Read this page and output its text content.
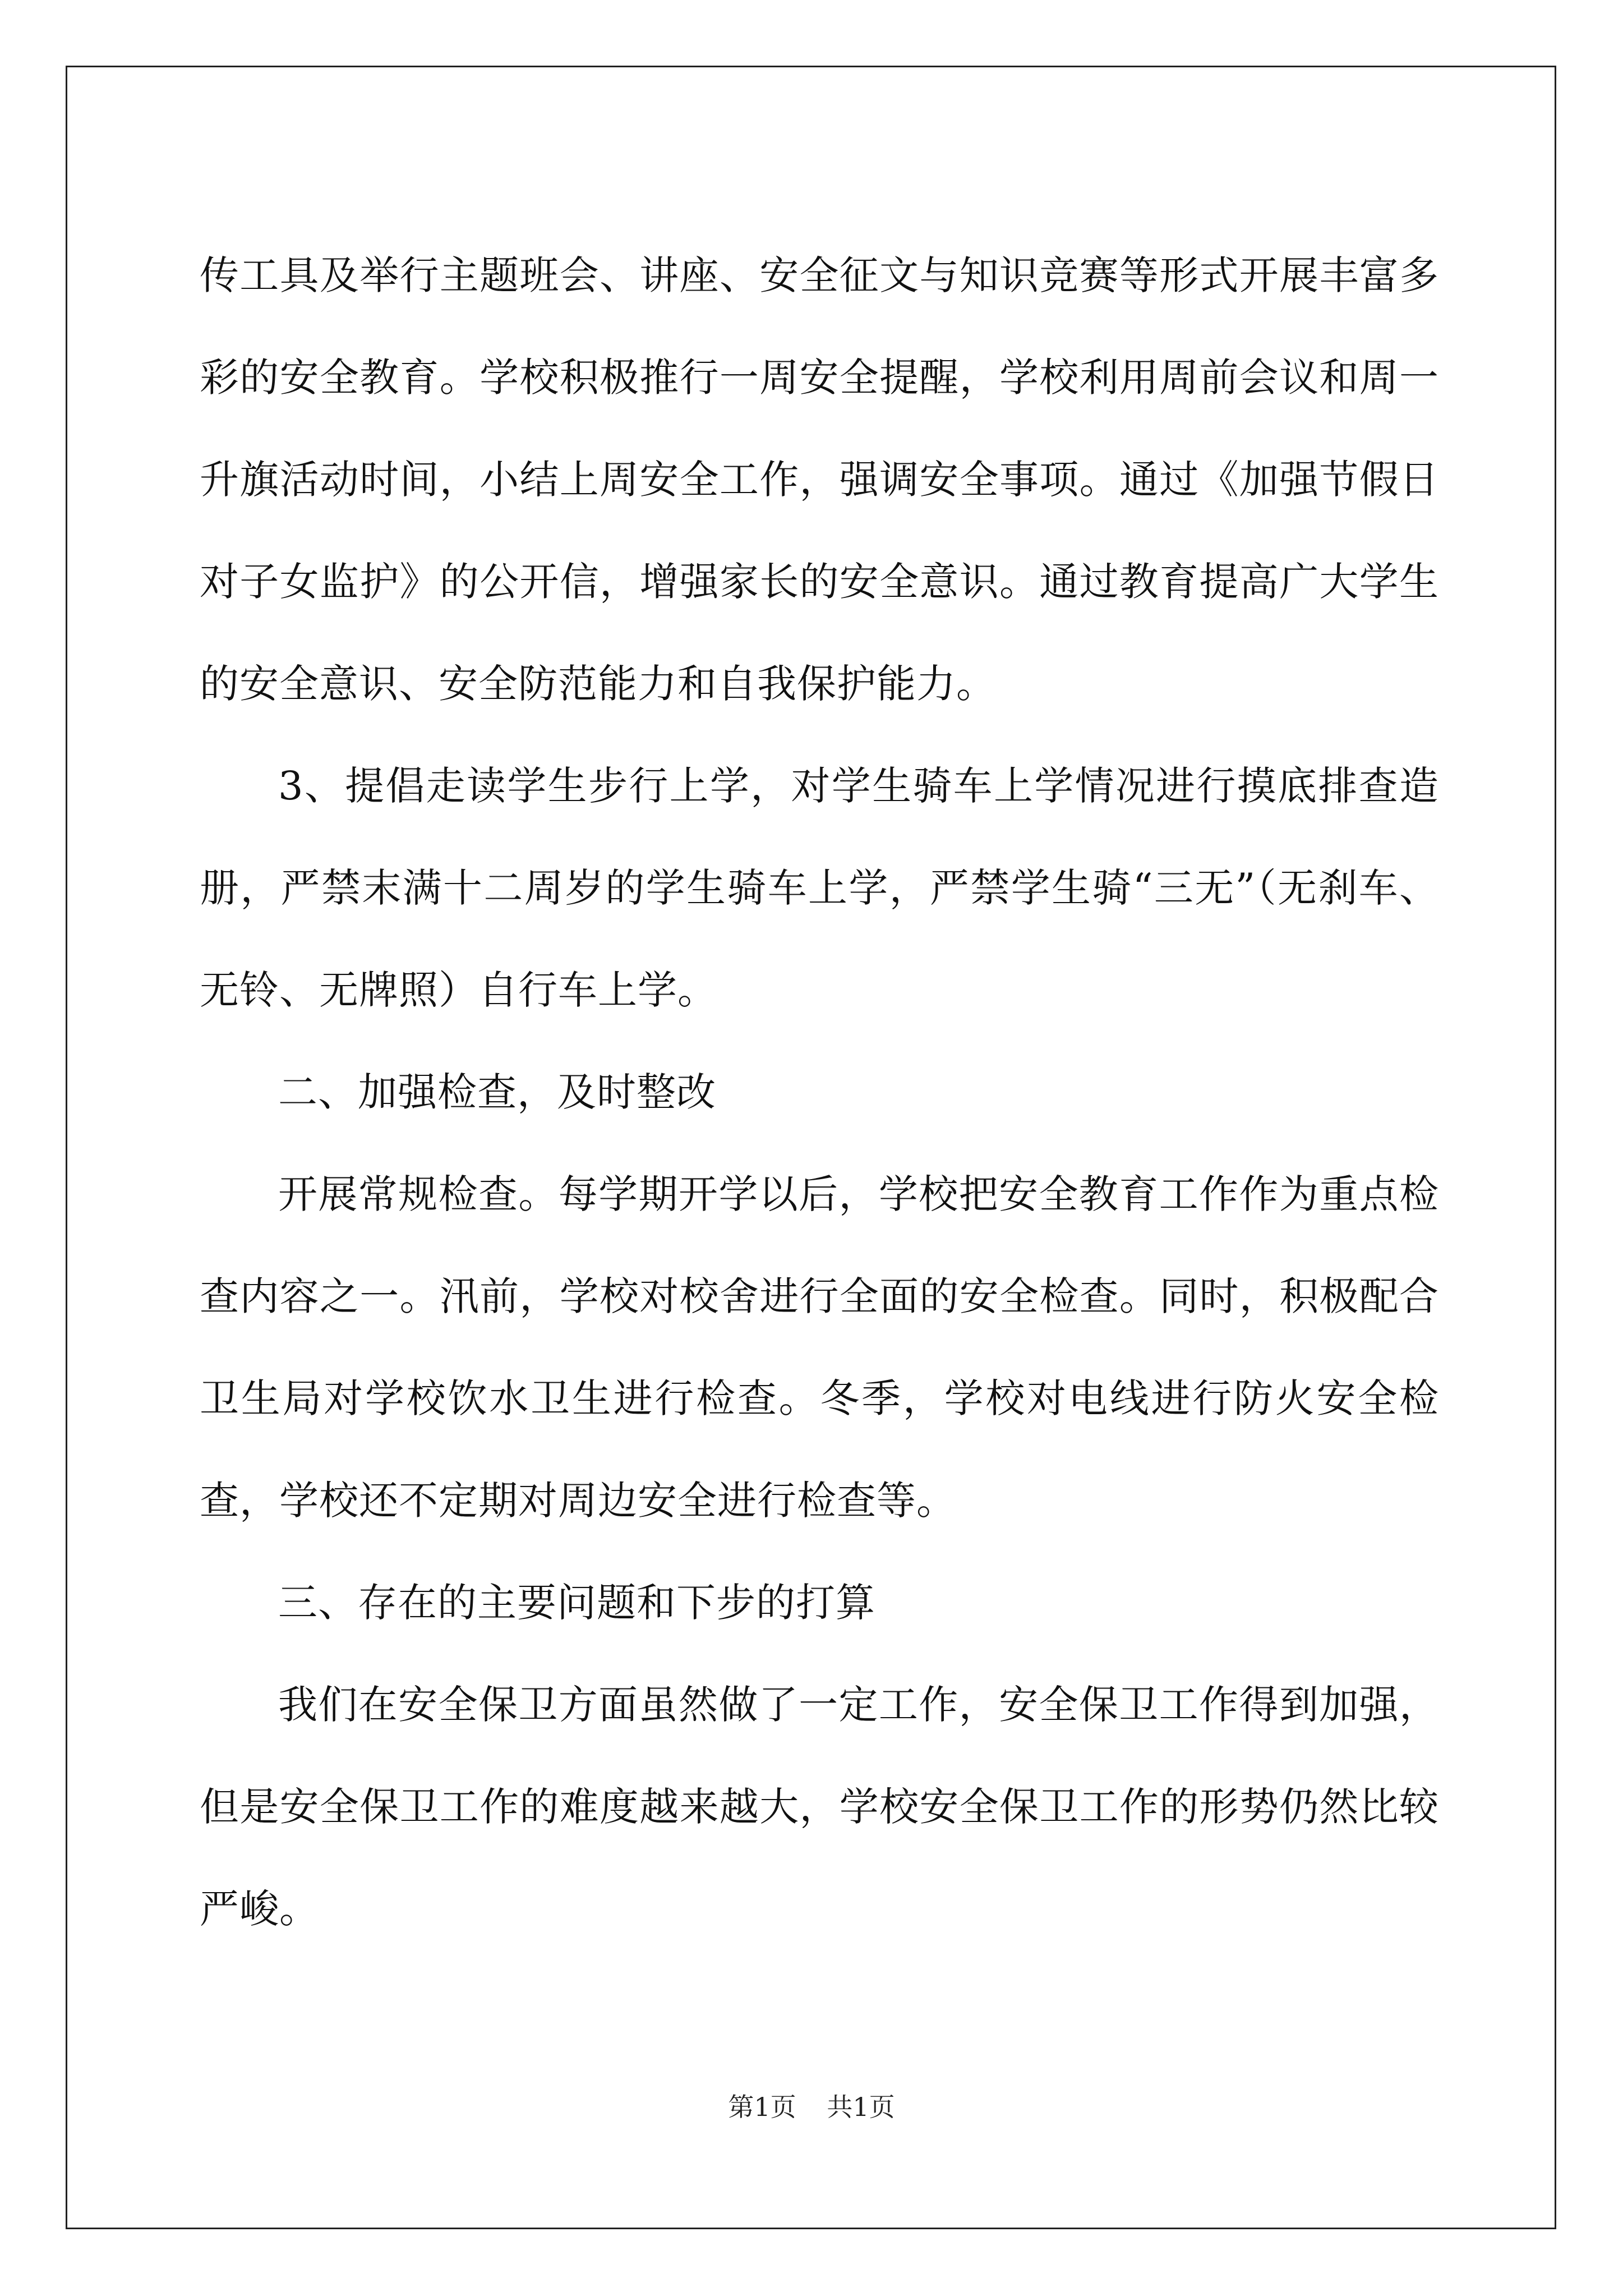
传工具及举行主题班会、讲座、安全征文与知识竞赛等形式开展丰富多彩的安全教育。学校积极推行一周安全提醒，学校利用周前会议和周一升旗活动时间，小结上周安全工作，强调安全事项。通过《加强节假日对子女监护》的公开信，增强家长的安全意识。通过教育提高广大学生的安全意识、安全防范能力和自我保护能力。

3、提倡走读学生步行上学，对学生骑车上学情况进行摸底排查造册，严禁末满十二周岁的学生骑车上学，严禁学生骑“三无”（无刹车、无铃、无牌照）自行车上学。

二、加强检查，及时整改

开展常规检查。每学期开学以后，学校把安全教育工作作为重点检查内容之一。汛前，学校对校舍进行全面的安全检查。同时，积极配合卫生局对学校饮水卫生进行检查。冬季，学校对电线进行防火安全检查，学校还不定期对周边安全进行检查等。

三、存在的主要问题和下步的打算

我们在安全保卫方面虽然做了一定工作，安全保卫工作得到加强，但是安全保卫工作的难度越来越大，学校安全保卫工作的形势仍然比较严峻。

第1页 共1页
